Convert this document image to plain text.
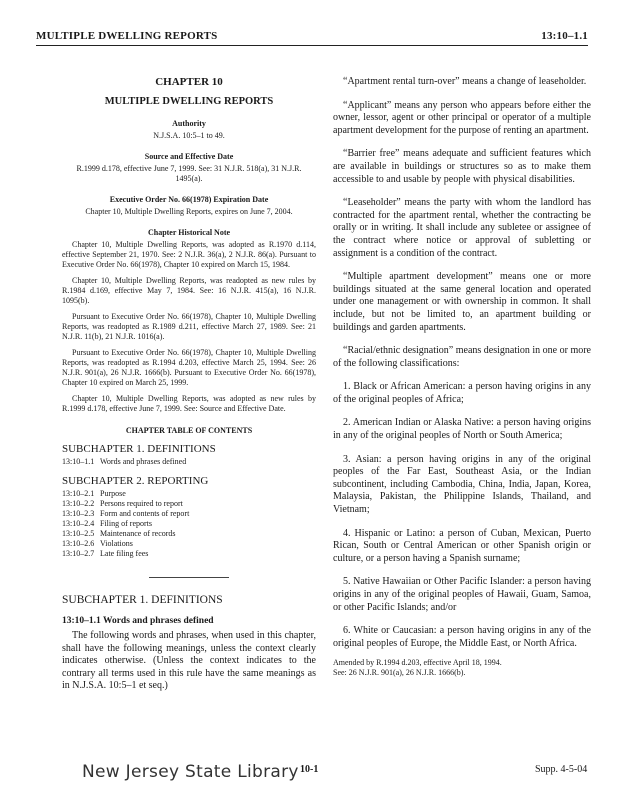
MULTIPLE DWELLING REPORTS	13:10–1.1
CHAPTER 10
MULTIPLE DWELLING REPORTS
Authority
N.J.S.A. 10:5–1 to 49.
Source and Effective Date
R.1999 d.178, effective June 7, 1999. See: 31 N.J.R. 518(a), 31 N.J.R. 1495(a).
Executive Order No. 66(1978) Expiration Date
Chapter 10, Multiple Dwelling Reports, expires on June 7, 2004.
Chapter Historical Note
Chapter 10, Multiple Dwelling Reports, was adopted as R.1970 d.114, effective September 21, 1970. See: 2 N.J.R. 36(a), 2 N.J.R. 86(a). Pursuant to Executive Order No. 66(1978), Chapter 10 expired on March 15, 1984.
Chapter 10, Multiple Dwelling Reports, was readopted as new rules by R.1984 d.169, effective May 7, 1984. See: 16 N.J.R. 415(a), 16 N.J.R. 1095(b).
Pursuant to Executive Order No. 66(1978), Chapter 10, Multiple Dwelling Reports, was readopted as R.1989 d.211, effective March 27, 1989. See: 21 N.J.R. 11(b), 21 N.J.R. 1016(a).
Pursuant to Executive Order No. 66(1978), Chapter 10, Multiple Dwelling Reports, was readopted as R.1994 d.203, effective March 25, 1994. See: 26 N.J.R. 901(a), 26 N.J.R. 1666(b). Pursuant to Executive Order No. 66(1978), Chapter 10 expired on March 25, 1999.
Chapter 10, Multiple Dwelling Reports, was adopted as new rules by R.1999 d.178, effective June 7, 1999. See: Source and Effective Date.
CHAPTER TABLE OF CONTENTS
SUBCHAPTER 1. DEFINITIONS
13:10–1.1 Words and phrases defined
SUBCHAPTER 2. REPORTING
13:10–2.1 Purpose
13:10–2.2 Persons required to report
13:10–2.3 Form and contents of report
13:10–2.4 Filing of reports
13:10–2.5 Maintenance of records
13:10–2.6 Violations
13:10–2.7 Late filing fees
SUBCHAPTER 1. DEFINITIONS
13:10–1.1 Words and phrases defined

The following words and phrases, when used in this chapter, shall have the following meanings, unless the context clearly indicates otherwise. (Unless the context indicates to the contrary all terms used in this rule have the same meanings as in N.J.S.A. 10:5–1 et seq.)

“Apartment rental turn-over” means a change of leaseholder.

“Applicant” means any person who appears before either the owner, lessor, agent or other principal or operator of a multiple apartment development for the purpose of renting an apartment.

“Barrier free” means adequate and sufficient features which are available in buildings or structures so as to make them accessible to and usable by people with physical disabilities.

“Leaseholder” means the party with whom the landlord has contracted for the apartment rental, whether the contracting be orally or in writing. It shall include any subletee or assignee of the contract where notice or approval of subletting or assignment is a condition of the contract.

“Multiple apartment development” means one or more buildings situated at the same general location and operated under one management or with ownership in common. It shall include, but not be limited to, an apartment building or buildings and garden apartments.

“Racial/ethnic designation” means designation in one or more of the following classifications:

1. Black or African American: a person having origins in any of the original peoples of Africa;

2. American Indian or Alaska Native: a person having origins in any of the original peoples of North or South America;

3. Asian: a person having origins in any of the original peoples of the Far East, Southeast Asia, or the Indian subcontinent, including Cambodia, China, India, Japan, Korea, Malaysia, Pakistan, the Philippine Islands, Thailand, and Vietnam;

4. Hispanic or Latino: a person of Cuban, Mexican, Puerto Rican, South or Central American or other Spanish origin or culture, or a person having a Spanish surname;

5. Native Hawaiian or Other Pacific Islander: a person having origins in any of the original peoples of Hawaii, Guam, Samoa, or other Pacific Islands; and/or

6. White or Caucasian: a person having origins in any of the original peoples of Europe, the Middle East, or North Africa.

Amended by R.1994 d.203, effective April 18, 1994.
See: 26 N.J.R. 901(a), 26 N.J.R. 1666(b).
New Jersey State Library 10-1	Supp. 4-5-04
